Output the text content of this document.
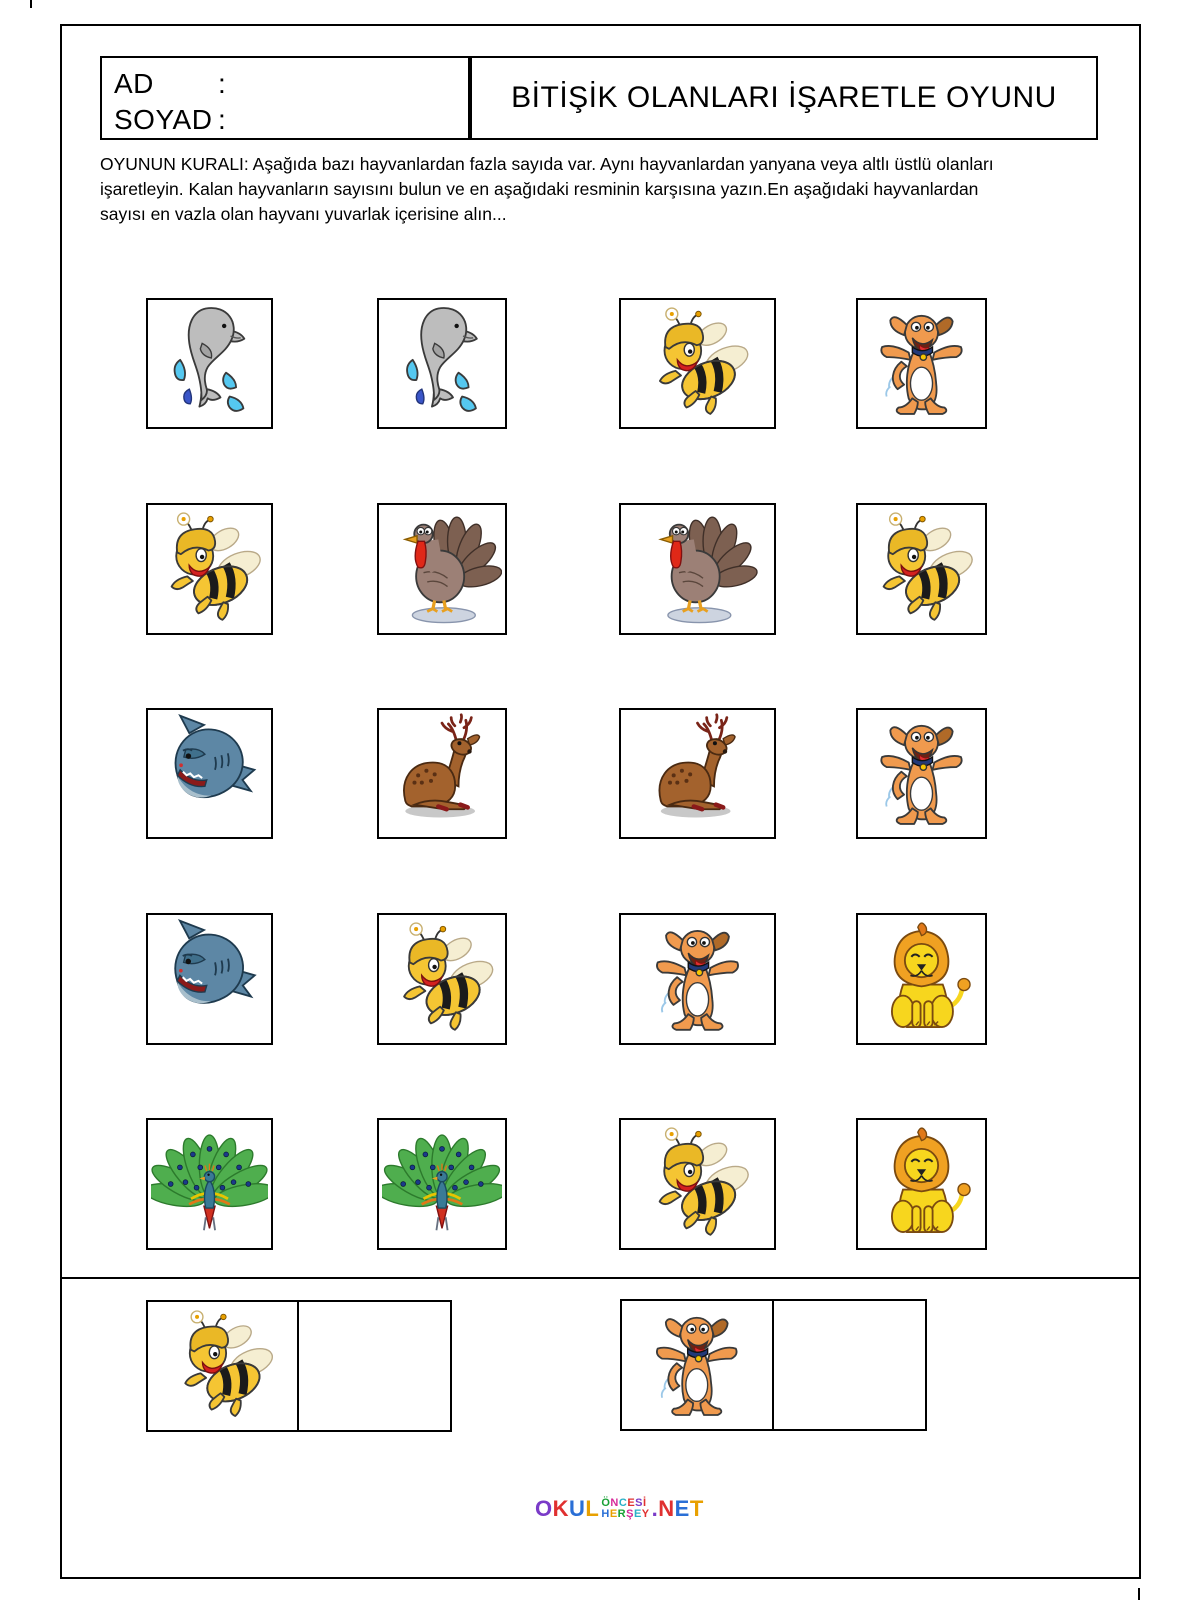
AD :
SOYAD :
BİTİŞİK OLANLARI İŞARETLE OYUNU
OYUNUN KURALI: Aşağıda bazı hayvanlardan fazla sayıda var. Aynı hayvanlardan yanyana veya altlı üstlü olanları
işaretleyin. Kalan hayvanların sayısını bulun ve en aşağıdaki resminin karşısına yazın.En aşağıdaki hayvanlardan
sayısı en vazla olan hayvanı yuvarlak içerisine alın...
OKUL ÖNCESİ
HERŞEY .NET
